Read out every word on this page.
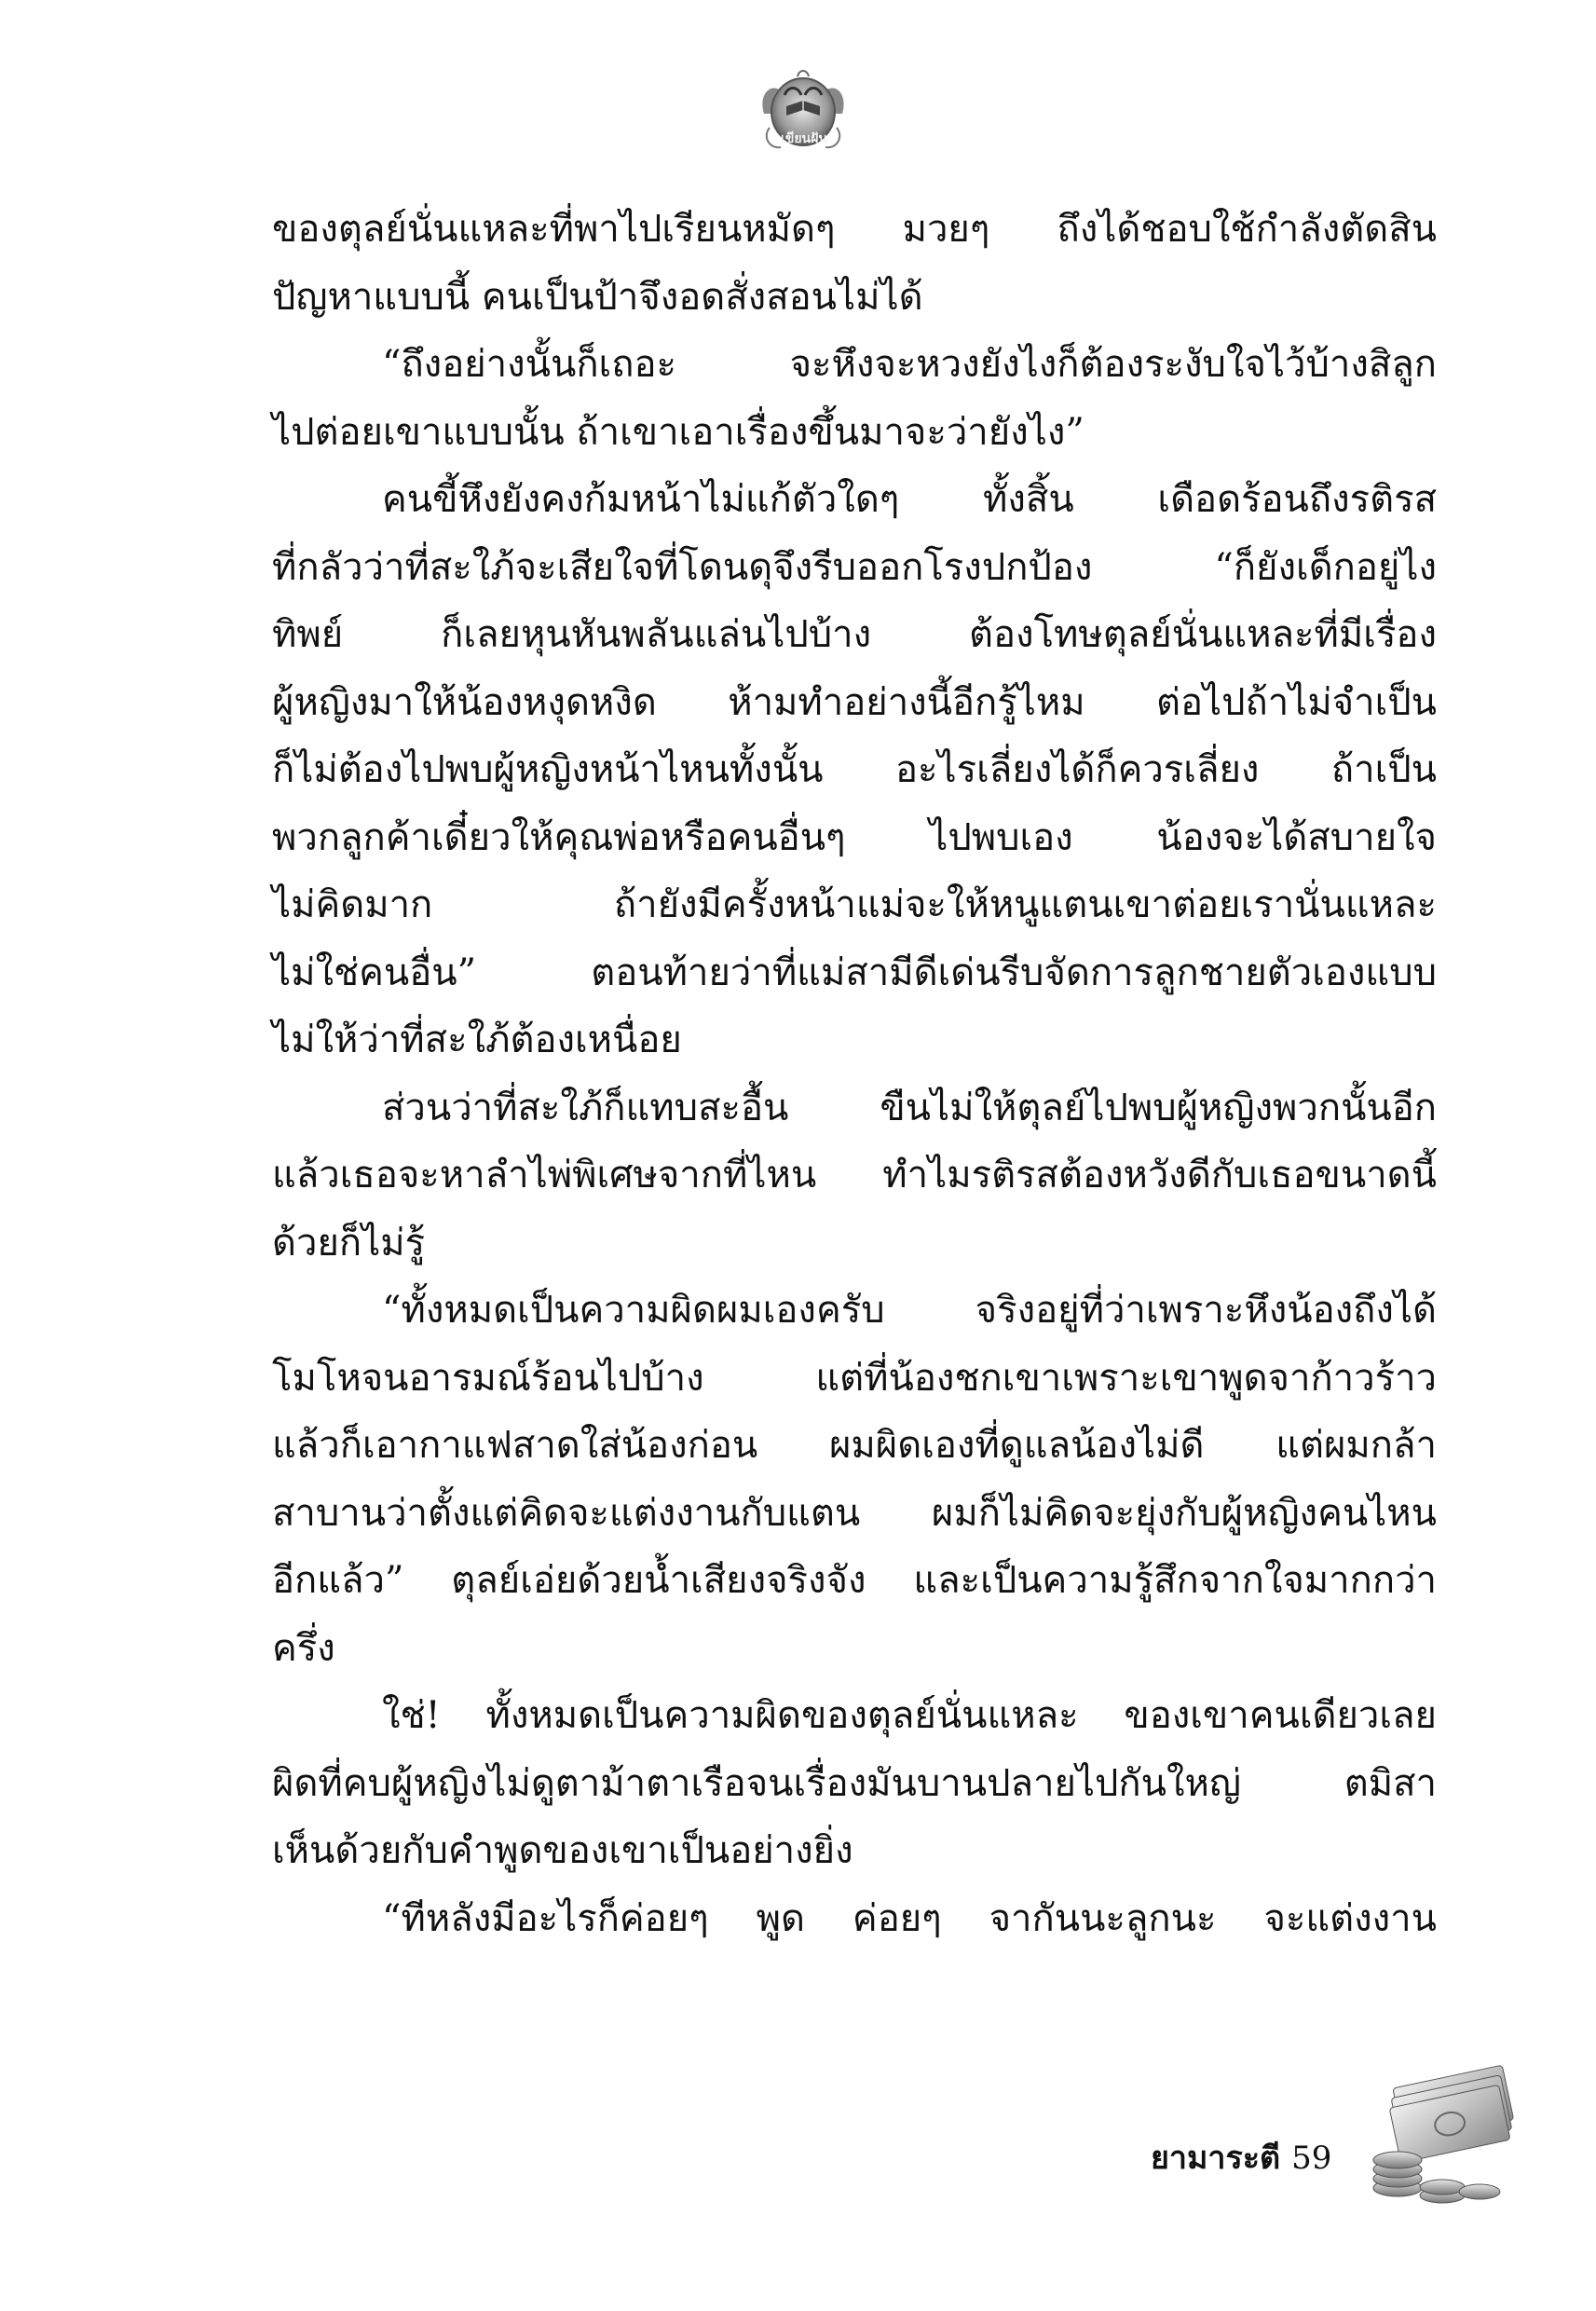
เขียนฝัน
ของตุลย์นั่นแหละที่พาไปเรียนหมัดๆ มวยๆ ถึงได้ชอบใช้กำลังตัดสิน
ปัญหาแบบนี้ คนเป็นป้าจึงอดสั่งสอนไม่ได้
“ถึงอย่างนั้นก็เถอะ จะหึงจะหวงยังไงก็ต้องระงับใจไว้บ้างสิลูก
ไปต่อยเขาแบบนั้น ถ้าเขาเอาเรื่องขึ้นมาจะว่ายังไง”
คนขี้หึงยังคงก้มหน้าไม่แก้ตัวใดๆ ทั้งสิ้น เดือดร้อนถึงรติรส
ที่กลัวว่าที่สะใภ้จะเสียใจที่โดนดุจึงรีบออกโรงปกป้อง “ก็ยังเด็กอยู่ไง
ทิพย์ ก็เลยหุนหันพลันแล่นไปบ้าง ต้องโทษตุลย์นั่นแหละที่มีเรื่อง
ผู้หญิงมาให้น้องหงุดหงิด ห้ามทำอย่างนี้อีกรู้ไหม ต่อไปถ้าไม่จำเป็น
ก็ไม่ต้องไปพบผู้หญิงหน้าไหนทั้งนั้น อะไรเลี่ยงได้ก็ควรเลี่ยง ถ้าเป็น
พวกลูกค้าเดี๋ยวให้คุณพ่อหรือคนอื่นๆ ไปพบเอง น้องจะได้สบายใจ
ไม่คิดมาก ถ้ายังมีครั้งหน้าแม่จะให้หนูแตนเขาต่อยเรานั่นแหละ
ไม่ใช่คนอื่น” ตอนท้ายว่าที่แม่สามีดีเด่นรีบจัดการลูกชายตัวเองแบบ
ไม่ให้ว่าที่สะใภ้ต้องเหนื่อย
ส่วนว่าที่สะใภ้ก็แทบสะอื้น ขืนไม่ให้ตุลย์ไปพบผู้หญิงพวกนั้นอีก
แล้วเธอจะหาลำไพ่พิเศษจากที่ไหน ทำไมรติรสต้องหวังดีกับเธอขนาดนี้
ด้วยก็ไม่รู้
“ทั้งหมดเป็นความผิดผมเองครับ จริงอยู่ที่ว่าเพราะหึงน้องถึงได้
โมโหจนอารมณ์ร้อนไปบ้าง แต่ที่น้องชกเขาเพราะเขาพูดจาก้าวร้าว
แล้วก็เอากาแฟสาดใส่น้องก่อน ผมผิดเองที่ดูแลน้องไม่ดี แต่ผมกล้า
สาบานว่าตั้งแต่คิดจะแต่งงานกับแตน ผมก็ไม่คิดจะยุ่งกับผู้หญิงคนไหน
อีกแล้ว” ตุลย์เอ่ยด้วยน้ำเสียงจริงจัง และเป็นความรู้สึกจากใจมากกว่า
ครึ่ง
ใช่! ทั้งหมดเป็นความผิดของตุลย์นั่นแหละ ของเขาคนเดียวเลย
ผิดที่คบผู้หญิงไม่ดูตาม้าตาเรือจนเรื่องมันบานปลายไปกันใหญ่ ตมิสา
เห็นด้วยกับคำพูดของเขาเป็นอย่างยิ่ง
“ทีหลังมีอะไรก็ค่อยๆ พูด ค่อยๆ จากันนะลูกนะ จะแต่งงาน
ยามาระตี 59
